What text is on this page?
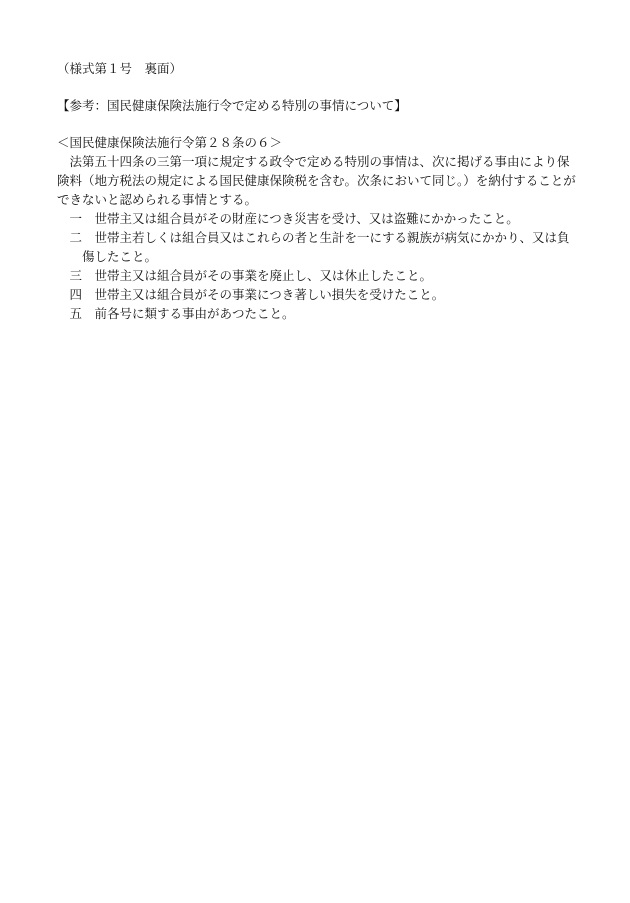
（様式第１号　裏面）
【参考：国民健康保険法施行令で定める特別の事情について】
＜国民健康保険法施行令第２８条の６＞

法第五十四条の三第一項に規定する政令で定める特別の事情は、次に掲げる事由により保険料（地方税法の規定による国民健康保険税を含む。次条において同じ。）を納付することができないと認められる事情とする。

一 世帯主又は組合員がその財産につき災害を受け、又は盗難にかかったこと。
二 世帯主若しくは組合員又はこれらの者と生計を一にする親族が病気にかかり、又は負傷したこと。
三 世帯主又は組合員がその事業を廃止し、又は休止したこと。
四 世帯主又は組合員がその事業につき著しい損失を受けたこと。
五 前各号に類する事由があつたこと。
